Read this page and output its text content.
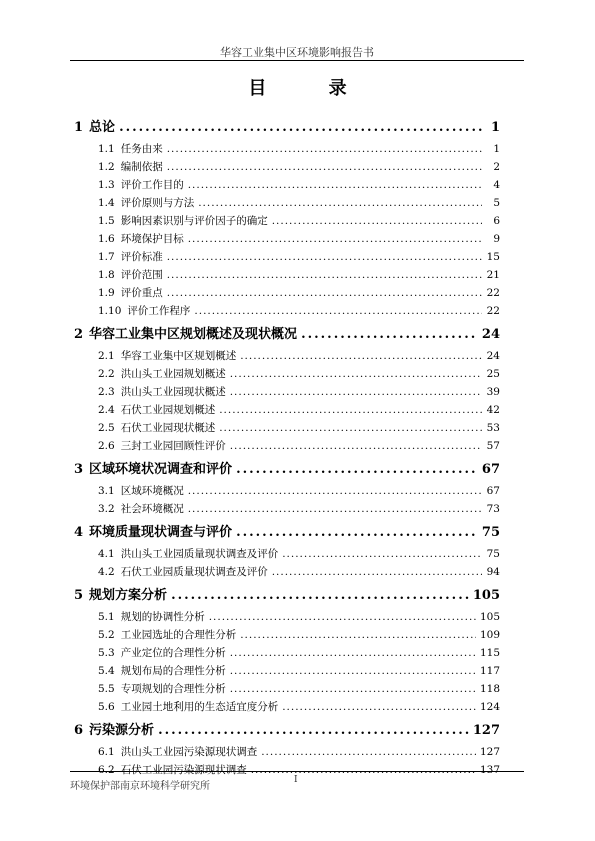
华容工业集中区环境影响报告书
目 录
1 总论 .....	1
1.1 任务由来 .....	1
1.2 编制依据 .....	2
1.3 评价工作目的 .....	4
1.4 评价原则与方法 .....	5
1.5 影响因素识别与评价因子的确定 .....	6
1.6 环境保护目标 .....	9
1.7 评价标准 .....	15
1.8 评价范围 .....	21
1.9 评价重点 .....	22
1.10 评价工作程序 .....	22
2 华容工业集中区规划概述及现状概况 .....	24
2.1 华容工业集中区规划概述 .....	24
2.2 洪山头工业园规划概述 .....	25
2.3 洪山头工业园现状概述 .....	39
2.4 石伏工业园规划概述 .....	42
2.5 石伏工业园现状概述 .....	53
2.6 三封工业园回顾性评价 .....	57
3 区域环境状况调查和评价 .....	67
3.1 区域环境概况 .....	67
3.2 社会环境概况 .....	73
4 环境质量现状调查与评价 .....	75
4.1 洪山头工业园质量现状调查及评价 .....	75
4.2 石伏工业园质量现状调查及评价 .....	94
5 规划方案分析 .....	105
5.1 规划的协调性分析 .....	105
5.2 工业园选址的合理性分析 .....	109
5.3 产业定位的合理性分析 .....	115
5.4 规划布局的合理性分析 .....	117
5.5 专项规划的合理性分析 .....	118
5.6 工业园土地利用的生态适宜度分析 .....	124
6 污染源分析 .....	127
6.1 洪山头工业园污染源现状调查 .....	127
6.2 石伏工业园污染源现状调查 .....	137
环境保护部南京环境科学研究所
I
